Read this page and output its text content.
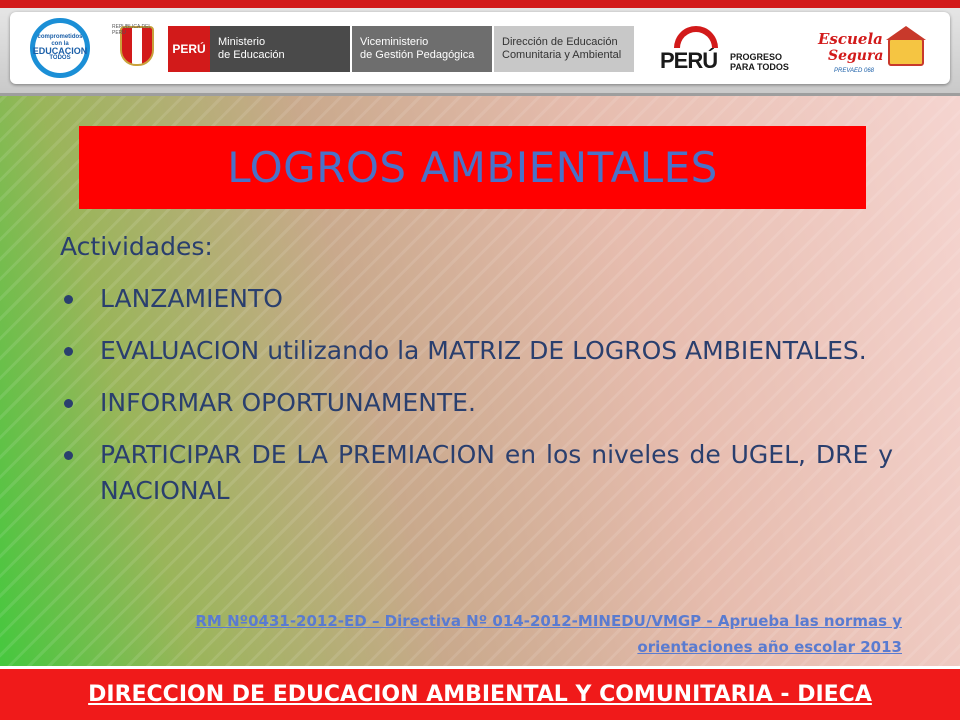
comprometidos con la
EDUCACION
TODOS
REPUBLICA DEL PERU
PERÚ	Ministerio
de Educación
Viceministerio
de Gestión Pedagógica
Dirección de Educación
Comunitaria y Ambiental PERÚ PROGRESO
PARA TODOS
Escuela
Segura
PREVAED 068
LOGROS AMBIENTALES
Actividades:
LANZAMIENTO
EVALUACION utilizando la MATRIZ DE LOGROS AMBIENTALES.
INFORMAR OPORTUNAMENTE.
PARTICIPAR DE LA PREMIACION en los niveles de UGEL, DRE y NACIONAL
RM Nº0431-2012-ED – Directiva Nº 014-2012-MINEDU/VMGP - Aprueba las normas y orientaciones año escolar 2013
DIRECCION DE EDUCACION AMBIENTAL Y COMUNITARIA - DIECA
